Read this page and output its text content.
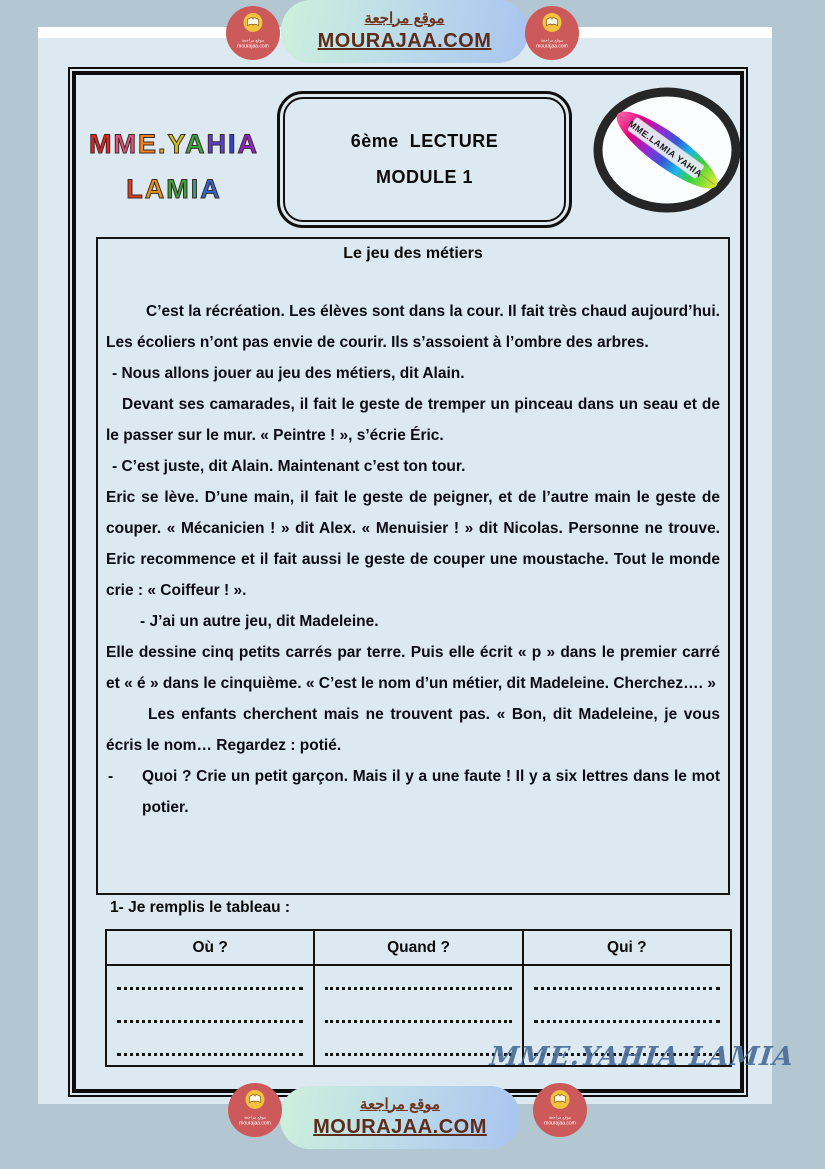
موقع مراجعة
MOURAJAA.COM
موقع مراجعة
mourajaa.com
موقع مراجعة
mourajaa.com
MME.YAHIA
LAMIA
6ème  LECTURE
MODULE 1	MME.LAMIA YAHIA
Le jeu des métiers

C’est la récréation. Les élèves sont dans la cour. Il fait très chaud aujourd’hui. Les écoliers n’ont pas envie de courir. Ils s’assoient à l’ombre des arbres.

- Nous allons jouer au jeu des métiers, dit Alain.

Devant ses camarades, il fait le geste de tremper un pinceau dans un seau et de le passer sur le mur. « Peintre ! », s’écrie Éric.

- C’est juste, dit Alain. Maintenant c’est ton tour.

Eric se lève. D’une main, il fait le geste de peigner, et de l’autre main le geste de couper. « Mécanicien ! » dit Alex. « Menuisier ! » dit Nicolas. Personne ne trouve. Eric recommence et il fait aussi le geste de couper une moustache. Tout le monde crie : « Coiffeur ! ».

- J’ai un autre jeu, dit Madeleine.

Elle dessine cinq petits carrés par terre. Puis elle écrit « p » dans le premier carré et « é » dans le cinquième. « C’est le nom d’un métier, dit Madeleine. Cherchez…. »

Les enfants cherchent mais ne trouvent pas. « Bon, dit Madeleine, je vous écris le nom… Regardez : potié.

- Quoi ? Crie un petit garçon. Mais il y a une faute ! Il y a six lettres dans le mot potier.

1- Je remplis le tableau :
Où ?	Quand ?	Qui ?

MME.YAHIA LAMIA
موقع مراجعة
MOURAJAA.COM
موقع مراجعة
mourajaa.com
موقع مراجعة
mourajaa.com
